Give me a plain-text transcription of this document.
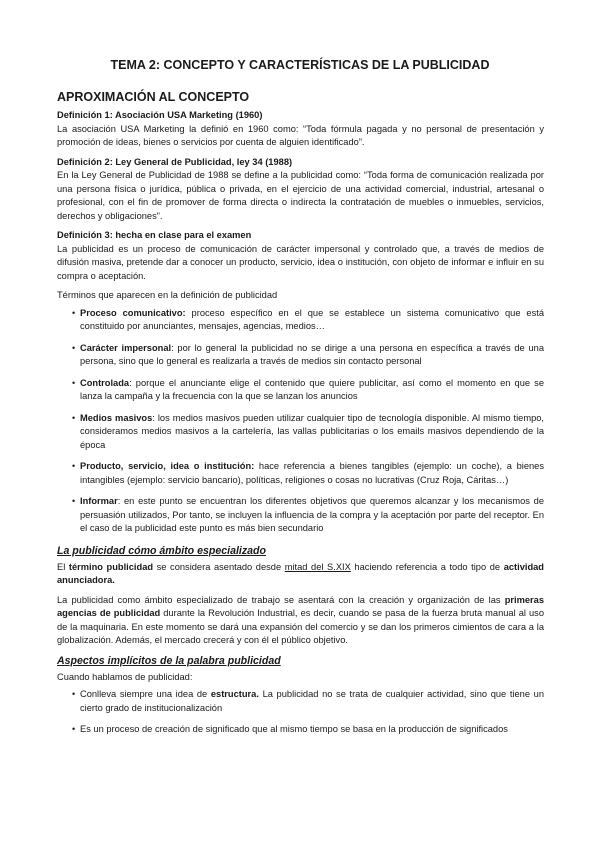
TEMA 2: CONCEPTO Y CARACTERÍSTICAS DE LA PUBLICIDAD
APROXIMACIÓN AL CONCEPTO

Definición 1: Asociación USA Marketing (1960)

La asociación USA Marketing la definió en 1960 como: “Toda fórmula pagada y no personal de presentación y promoción de ideas, bienes o servicios por cuenta de alguien identificado”.

Definición 2: Ley General de Publicidad, ley 34 (1988)

En la Ley General de Publicidad de 1988 se define a la publicidad como: “Toda forma de comunicación realizada por una persona física o jurídica, pública o privada, en el ejercicio de una actividad comercial, industrial, artesanal o profesional, con el fin de promover de forma directa o indirecta la contratación de muebles o inmuebles, servicios, derechos y obligaciones”.

Definición 3: hecha en clase para el examen

La publicidad es un proceso de comunicación de carácter impersonal y controlado que, a través de medios de difusión masiva, pretende dar a conocer un producto, servicio, idea o institución, con objeto de informar e influir en su compra o aceptación.

Términos que aparecen en la definición de publicidad

• Proceso comunicativo: proceso específico en el que se establece un sistema comunicativo que está constituido por anunciantes, mensajes, agencias, medios…
• Carácter impersonal: por lo general la publicidad no se dirige a una persona en específica a través de una persona, sino que lo general es realizarla a través de medios sin contacto personal
• Controlada: porque el anunciante elige el contenido que quiere publicitar, así como el momento en que se lanza la campaña y la frecuencia con la que se lanzan los anuncios
• Medios masivos: los medios masivos pueden utilizar cualquier tipo de tecnología disponible. Al mismo tiempo, consideramos medios masivos a la cartelería, las vallas publicitarias o los emails masivos dependiendo de la época
• Producto, servicio, idea o institución: hace referencia a bienes tangibles (ejemplo: un coche), a bienes intangibles (ejemplo: servicio bancario), políticas, religiones o cosas no lucrativas (Cruz Roja, Cáritas…)
• Informar: en este punto se encuentran los diferentes objetivos que queremos alcanzar y los mecanismos de persuasión utilizados, Por tanto, se incluyen la influencia de la compra y la aceptación por parte del receptor. En el caso de la publicidad este punto es más bien secundario
La publicidad cómo ámbito especializado

El término publicidad se considera asentado desde mitad del S.XIX haciendo referencia a todo tipo de actividad anunciadora.

La publicidad como ámbito especializado de trabajo se asentará con la creación y organización de las primeras agencias de publicidad durante la Revolución Industrial, es decir, cuando se pasa de la fuerza bruta manual al uso de la maquinaria. En este momento se dará una expansión del comercio y se dan los primeros cimientos de cara a la globalización. Además, el mercado crecerá y con él el público objetivo.

Aspectos implícitos de la palabra publicidad

Cuando hablamos de publicidad:

• Conlleva siempre una idea de estructura. La publicidad no se trata de cualquier actividad, sino que tiene un cierto grado de institucionalización
• Es un proceso de creación de significado que al mismo tiempo se basa en la producción de significados
